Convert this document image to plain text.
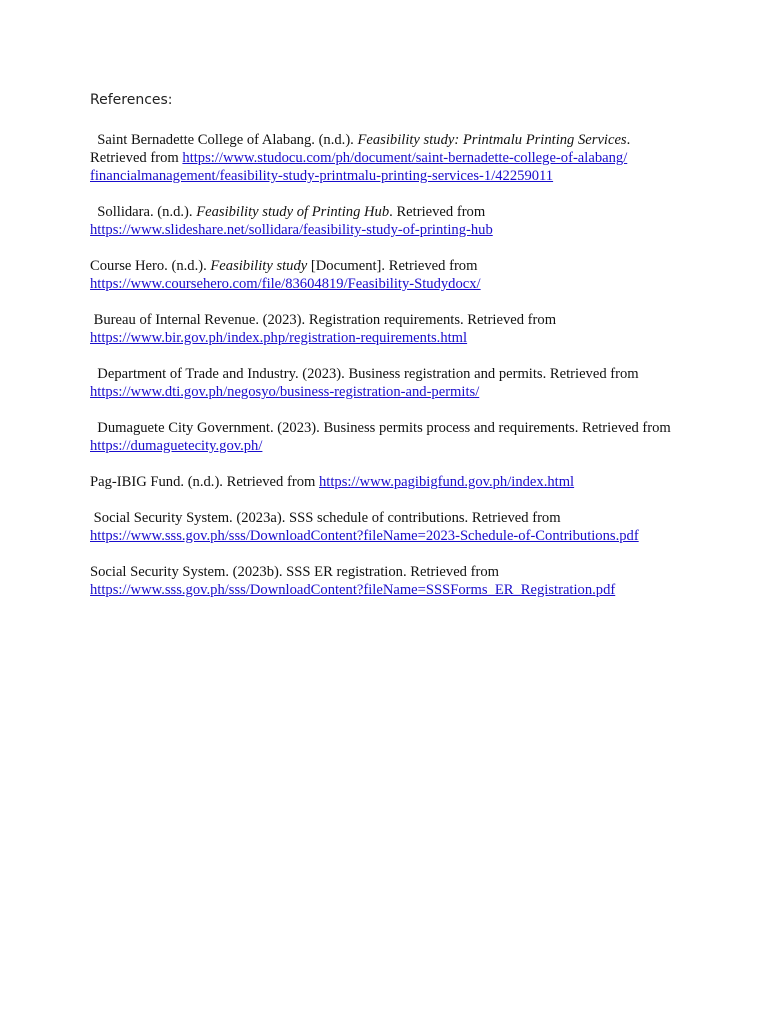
References:

Saint Bernadette College of Alabang. (n.d.). Feasibility study: Printmalu Printing Services. Retrieved from https://www.studocu.com/ph/document/saint-bernadette-college-of-alabang/
financialmanagement/feasibility-study-printmalu-printing-services-1/42259011

Sollidara. (n.d.). Feasibility study of Printing Hub. Retrieved from
https://www.slideshare.net/sollidara/feasibility-study-of-printing-hub

Course Hero. (n.d.). Feasibility study [Document]. Retrieved from
https://www.coursehero.com/file/83604819/Feasibility-Studydocx/

Bureau of Internal Revenue. (2023). Registration requirements. Retrieved from
https://www.bir.gov.ph/index.php/registration-requirements.html

Department of Trade and Industry. (2023). Business registration and permits. Retrieved from
https://www.dti.gov.ph/negosyo/business-registration-and-permits/

Dumaguete City Government. (2023). Business permits process and requirements. Retrieved from https://dumaguetecity.gov.ph/

Pag-IBIG Fund. (n.d.). Retrieved from https://www.pagibigfund.gov.ph/index.html

Social Security System. (2023a). SSS schedule of contributions. Retrieved from
https://www.sss.gov.ph/sss/DownloadContent?fileName=2023-Schedule-of-Contributions.pdf

Social Security System. (2023b). SSS ER registration. Retrieved from
https://www.sss.gov.ph/sss/DownloadContent?fileName=SSSForms_ER_Registration.pdf
